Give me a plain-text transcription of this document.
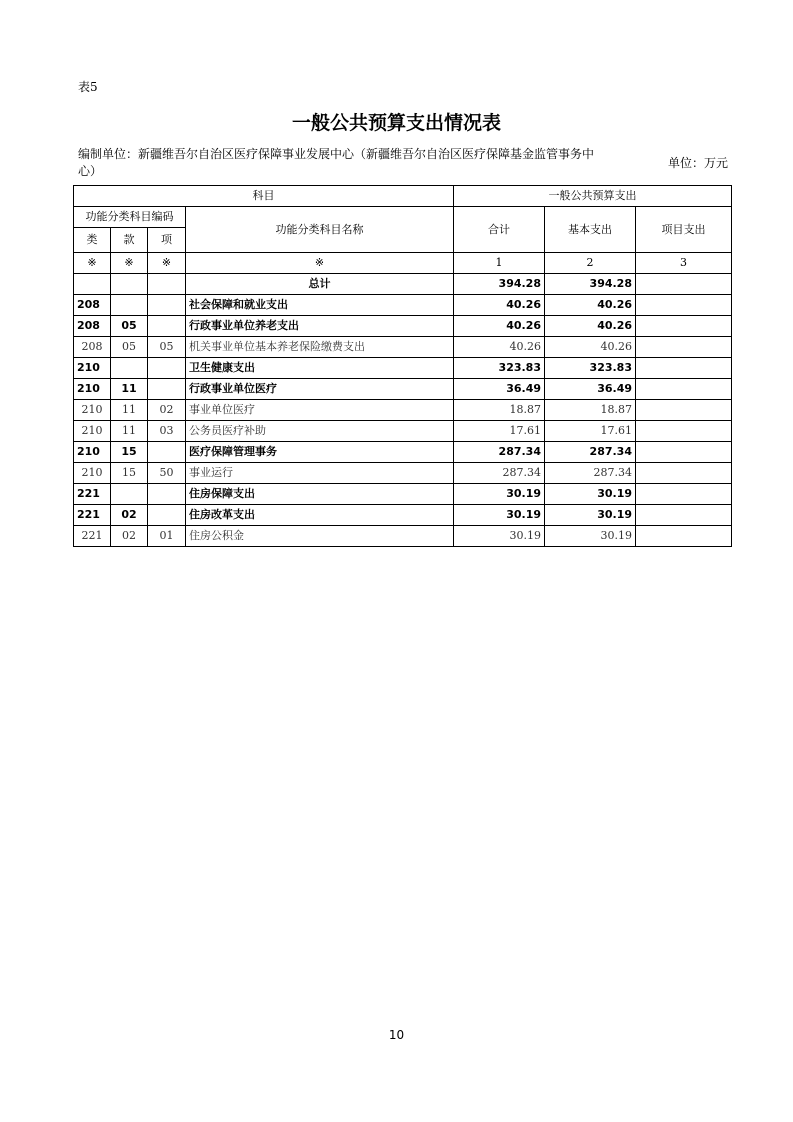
表5
一般公共预算支出情况表
编制单位：新疆维吾尔自治区医疗保障事业发展中心（新疆维吾尔自治区医疗保障基金监管事务中心）
单位：万元
科目				一般公共预算支出		
功能分类科目编码			功能分类科目名称	合计	基本支出	项目支出
类	款	项				
※	※	※	※	1	2	3
			总计	394.28	394.28	
208			社会保障和就业支出	40.26	40.26	
208	05		行政事业单位养老支出	40.26	40.26	
208	05	05	机关事业单位基本养老保险缴费支出	40.26	40.26	
210			卫生健康支出	323.83	323.83	
210	11		行政事业单位医疗	36.49	36.49	
210	11	02	事业单位医疗	18.87	18.87	
210	11	03	公务员医疗补助	17.61	17.61	
210	15		医疗保障管理事务	287.34	287.34	
210	15	50	事业运行	287.34	287.34	
221			住房保障支出	30.19	30.19	
221	02		住房改革支出	30.19	30.19	
221	02	01	住房公积金	30.19	30.19	
10
